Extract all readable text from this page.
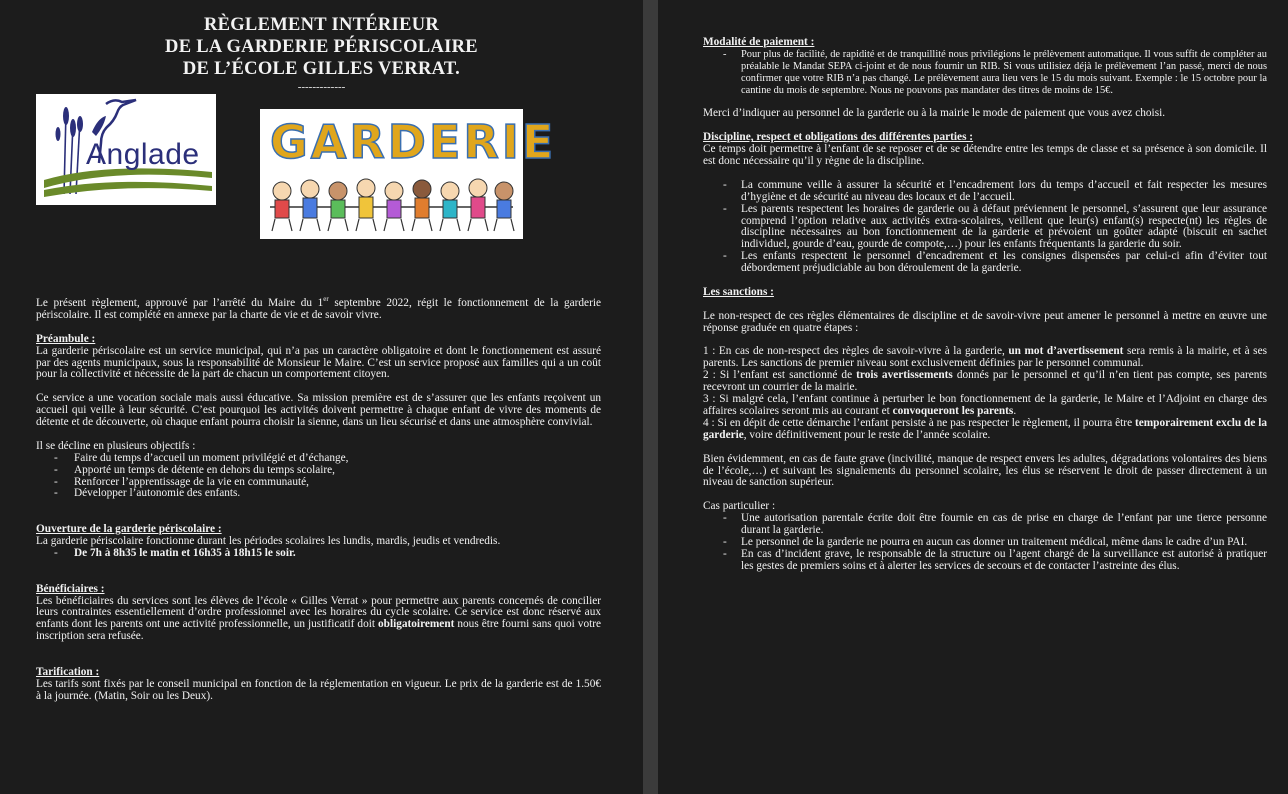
RÈGLEMENT INTÉRIEUR
DE LA GARDERIE PÉRISCOLAIRE
DE L’ÉCOLE GILLES VERRAT.
-------------
Anglade GARDERIE

Le présent règlement, approuvé par l’arrêté du Maire du 1er septembre 2022, régit le fonctionnement de la garderie périscolaire. Il est complété en annexe par la charte de vie et de savoir vivre.

Préambule :

La garderie périscolaire est un service municipal, qui n’a pas un caractère obligatoire et dont le fonctionnement est assuré par des agents municipaux, sous la responsabilité de Monsieur le Maire. C’est un service proposé aux familles qui a un coût pour la collectivité et nécessite de la part de chacun un comportement citoyen.

Ce service a une vocation sociale mais aussi éducative. Sa mission première est de s’assurer que les enfants reçoivent un accueil qui veille à leur sécurité. C’est pourquoi les activités doivent permettre à chaque enfant de vivre des moments de détente et de découverte, où chaque enfant pourra choisir la sienne, dans un lieu sécurisé et dans une atmosphère convivial.

Il se décline en plusieurs objectifs :

- Faire du temps d’accueil un moment privilégié et d’échange,
- Apporté un temps de détente en dehors du temps scolaire,
- Renforcer l’apprentissage de la vie en communauté,
- Développer l’autonomie des enfants.
Ouverture de la garderie périscolaire :

La garderie périscolaire fonctionne durant les périodes scolaires les lundis, mardis, jeudis et vendredis.

- De 7h à 8h35 le matin et 16h35 à 18h15 le soir.
Bénéficiaires :

Les bénéficiaires du services sont les élèves de l’école « Gilles Verrat » pour permettre aux parents concernés de concilier leurs contraintes essentiellement d’ordre professionnel avec les horaires du cycle scolaire. Ce service est donc réservé aux enfants dont les parents ont une activité professionnelle, un justificatif doit obligatoirement nous être fourni sans quoi votre inscription sera refusée.

Tarification :

Les tarifs sont fixés par le conseil municipal en fonction de la réglementation en vigueur. Le prix de la garderie est de 1.50€ à la journée. (Matin, Soir ou les Deux).

Modalité de paiement :
- Pour plus de facilité, de rapidité et de tranquillité nous privilégions le prélèvement automatique. Il vous suffit de compléter au préalable le Mandat SEPA ci-joint et de nous fournir un RIB. Si vous utilisiez déjà le prélèvement l’an passé, merci de nous confirmer que votre RIB n’a pas changé. Le prélèvement aura lieu vers le 15 du mois suivant. Exemple : le 15 octobre pour la cantine du mois de septembre. Nous ne pouvons pas mandater des titres de moins de 15€.

Merci d’indiquer au personnel de la garderie ou à la mairie le mode de paiement que vous avez choisi.

Discipline, respect et obligations des différentes parties :

Ce temps doit permettre à l’enfant de se reposer et de se détendre entre les temps de classe et sa présence à son domicile. Il est donc nécessaire qu’il y règne de la discipline.

- La commune veille à assurer la sécurité et l’encadrement lors du temps d’accueil et fait respecter les mesures d’hygiène et de sécurité au niveau des locaux et de l’accueil.
- Les parents respectent les horaires de garderie ou à défaut préviennent le personnel, s’assurent que leur assurance comprend l’option relative aux activités extra-scolaires, veillent que leur(s) enfant(s) respecte(nt) les règles de discipline nécessaires au bon fonctionnement de la garderie et prévoient un goûter adapté (biscuit en sachet individuel, gourde d’eau, gourde de compote,…) pour les enfants fréquentants la garderie du soir.
- Les enfants respectent le personnel d’encadrement et les consignes dispensées par celui-ci afin d’éviter tout débordement préjudiciable au bon déroulement de la garderie.
Les sanctions :

Le non-respect de ces règles élémentaires de discipline et de savoir-vivre peut amener le personnel à mettre en œuvre une réponse graduée en quatre étapes :

1 : En cas de non-respect des règles de savoir-vivre à la garderie, un mot d’avertissement sera remis à la mairie, et à ses parents. Les sanctions de premier niveau sont exclusivement définies par le personnel communal.

2 : Si l’enfant est sanctionné de trois avertissements donnés par le personnel et qu’il n’en tient pas compte, ses parents recevront un courrier de la mairie.

3 : Si malgré cela, l’enfant continue à perturber le bon fonctionnement de la garderie, le Maire et l’Adjoint en charge des affaires scolaires seront mis au courant et convoqueront les parents.

4 : Si en dépit de cette démarche l’enfant persiste à ne pas respecter le règlement, il pourra être temporairement exclu de la garderie, voire définitivement pour le reste de l’année scolaire.

Bien évidemment, en cas de faute grave (incivilité, manque de respect envers les adultes, dégradations volontaires des biens de l’école,…) et suivant les signalements du personnel scolaire, les élus se réservent le droit de passer directement à un niveau de sanction supérieur.

Cas particulier :

- Une autorisation parentale écrite doit être fournie en cas de prise en charge de l’enfant par une tierce personne durant la garderie.
- Le personnel de la garderie ne pourra en aucun cas donner un traitement médical, même dans le cadre d’un PAI.
- En cas d’incident grave, le responsable de la structure ou l’agent chargé de la surveillance est autorisé à pratiquer les gestes de premiers soins et à alerter les services de secours et de contacter l’astreinte des élus.
